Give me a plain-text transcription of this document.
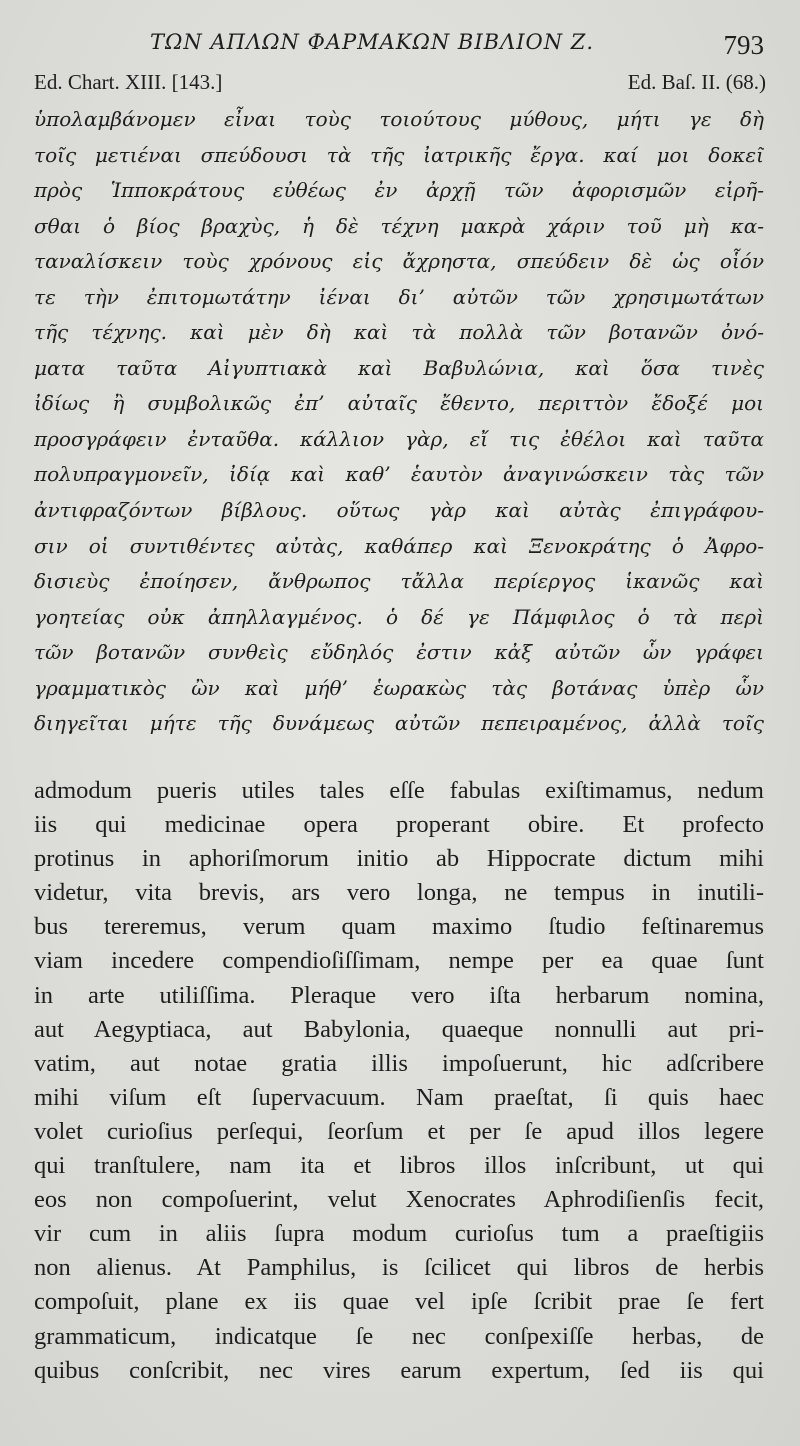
ΤΩΝ ΑΠΛΩΝ ΦΑΡΜΑΚΩΝ ΒΙΒΛΙΟΝ Ζ.	793
Ed. Chart. XIII. [143.]	Ed. Baſ. II. (68.)
ὑπολαμβάνομεν εἶναι τοὺς τοιούτους μύθους, μήτι γε δὴ
τοῖς μετιέναι σπεύδουσι τὰ τῆς ἰατρικῆς ἔργα. καί μοι δοκεῖ
πρὸς Ἱπποκράτους εὐθέως ἐν ἀρχῇ τῶν ἀφορισμῶν εἰρῆ-
σθαι ὁ βίος βραχὺς, ἡ δὲ τέχνη μακρὰ χάριν τοῦ μὴ κα-
ταναλίσκειν τοὺς χρόνους εἰς ἄχρηστα, σπεύδειν δὲ ὡς οἷόν
τε τὴν ἐπιτομωτάτην ἰέναι δι’ αὐτῶν τῶν χρησιμωτάτων
τῆς τέχνης. καὶ μὲν δὴ καὶ τὰ πολλὰ τῶν βοτανῶν ὀνό-
ματα ταῦτα Αἰγυπτιακὰ καὶ Βαβυλώνια, καὶ ὅσα τινὲς
ἰδίως ἢ συμβολικῶς ἐπ’ αὐταῖς ἔθεντο, περιττὸν ἔδοξέ μοι
προσγράφειν ἐνταῦθα. κάλλιον γὰρ, εἴ τις ἐθέλοι καὶ ταῦτα
πολυπραγμονεῖν, ἰδίᾳ καὶ καθ’ ἑαυτὸν ἀναγινώσκειν τὰς τῶν
ἀντιφραζόντων βίβλους. οὕτως γὰρ καὶ αὐτὰς ἐπιγράφου-
σιν οἱ συντιθέντες αὐτὰς, καθάπερ καὶ Ξενοκράτης ὁ Ἀφρο-
δισιεὺς ἐποίησεν, ἄνθρωπος τἄλλα περίεργος ἱκανῶς καὶ
γοητείας οὐκ ἀπηλλαγμένος. ὁ δέ γε Πάμφιλος ὁ τὰ περὶ
τῶν βοτανῶν συνθεὶς εὔδηλός ἐστιν κἀξ αὐτῶν ὧν γράφει
γραμματικὸς ὢν καὶ μήθ’ ἑωρακὼς τὰς βοτάνας ὑπὲρ ὧν
διηγεῖται μήτε τῆς δυνάμεως αὐτῶν πεπειραμένος, ἀλλὰ τοῖς
admodum pueris utiles tales eſſe fabulas exiſtimamus, nedum
iis qui medicinae opera properant obire. Et profecto
protinus in aphoriſmorum initio ab Hippocrate dictum mihi
videtur, vita brevis, ars vero longa, ne tempus in inutili-
bus tereremus, verum quam maximo ſtudio feſtinaremus
viam incedere compendioſiſſimam, nempe per ea quae ſunt
in arte utiliſſima. Pleraque vero iſta herbarum nomina,
aut Aegyptiaca, aut Babylonia, quaeque nonnulli aut pri-
vatim, aut notae gratia illis impoſuerunt, hic adſcribere
mihi viſum eſt ſupervacuum. Nam praeſtat, ſi quis haec
volet curioſius perſequi, ſeorſum et per ſe apud illos legere
qui tranſtulere, nam ita et libros illos inſcribunt, ut qui
eos non compoſuerint, velut Xenocrates Aphrodiſienſis fecit,
vir cum in aliis ſupra modum curioſus tum a praeſtigiis
non alienus. At Pamphilus, is ſcilicet qui libros de herbis
compoſuit, plane ex iis quae vel ipſe ſcribit prae ſe fert
grammaticum, indicatque ſe nec conſpexiſſe herbas, de
quibus conſcribit, nec vires earum expertum, ſed iis qui
